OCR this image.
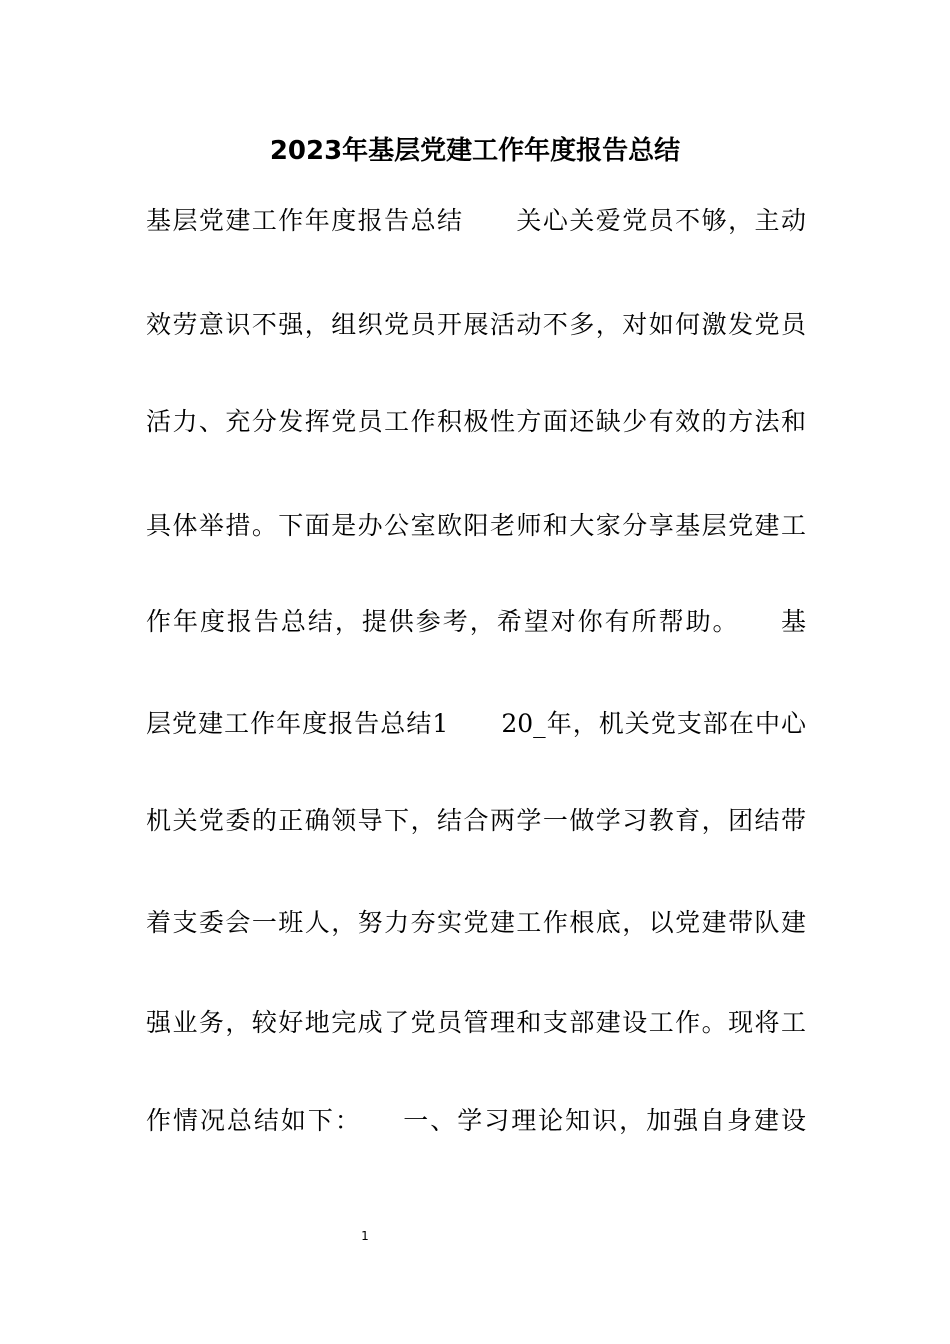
2023年基层党建工作年度报告总结
基层党建工作年度报告总结　　关心关爱党员不够，主动
效劳意识不强，组织党员开展活动不多，对如何激发党员
活力、充分发挥党员工作积极性方面还缺少有效的方法和
具体举措。下面是办公室欧阳老师和大家分享基层党建工
作年度报告总结，提供参考，希望对你有所帮助。　　基
层党建工作年度报告总结1　　20_年，机关党支部在中心
机关党委的正确领导下，结合两学一做学习教育，团结带
着支委会一班人，努力夯实党建工作根底，以党建带队建
强业务，较好地完成了党员管理和支部建设工作。现将工
作情况总结如下：　　一、学习理论知识，加强自身建设
1
